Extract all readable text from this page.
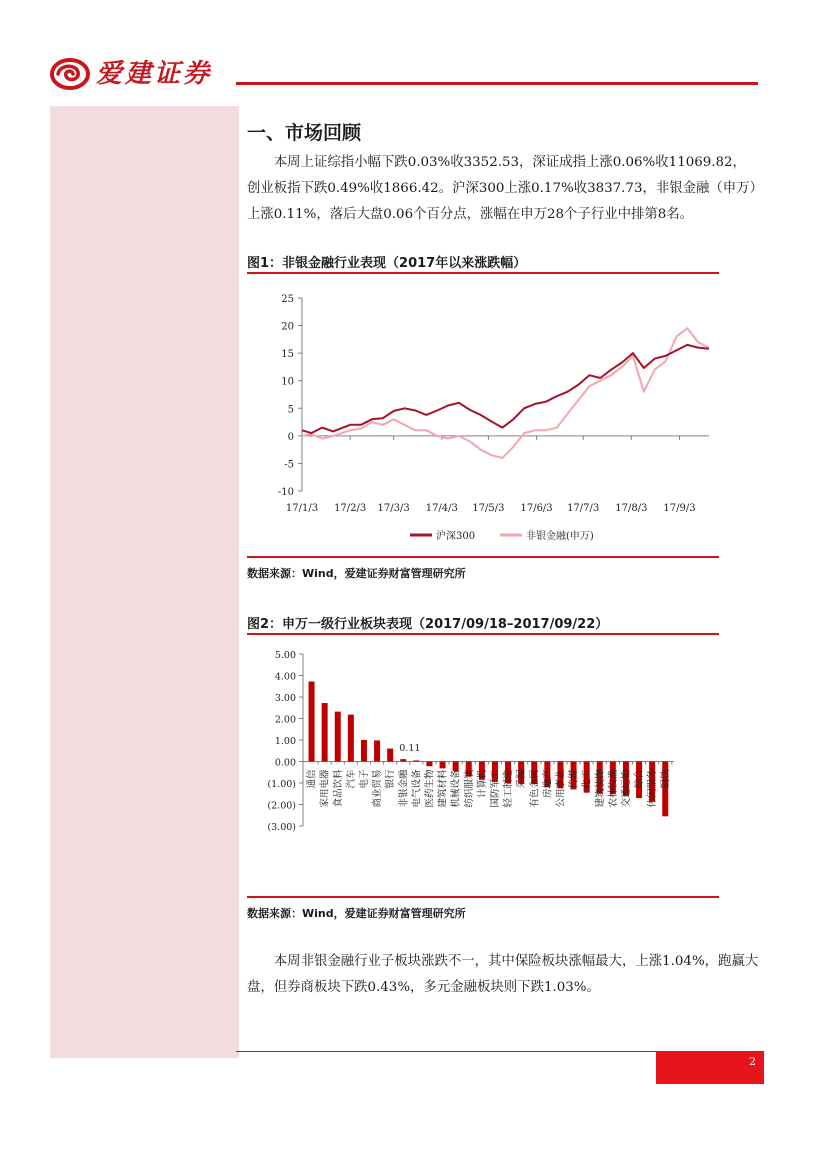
爱建证券
一、市场回顾

本周上证综指小幅下跌0.03%收3352.53，深证成指上涨0.06%收11069.82，创业板指下跌0.49%收1866.42。沪深300上涨0.17%收3837.73，非银金融（申万）上涨0.11%，落后大盘0.06个百分点，涨幅在申万28个子行业中排第8名。

图1：非银金融行业表现（2017年以来涨跌幅）
25
20
15
10
5
0
-5
-10
17/1/3 17/2/3 17/3/3 17/4/3 17/5/3 17/6/3 17/7/3 17/8/3 17/9/3
沪深300	非银金融(申万)
数据来源：Wind，爱建证券财富管理研究所
图2：申万一级行业板块表现（2017/09/18–2017/09/22）
5.00
4.00
3.00
2.00
1.00
0.00
(1.00)
(2.00)
(3.00)
通信 家用电器 食品饮料 汽车 电子 商业贸易 银行 非银金融
0.11
电气设备 医药生物 建筑材料 机械设备 纺织服装 计算机 国防军工 轻工制造 采掘 有色金属 房地产 公用事业 传媒 化工 建筑装饰 农林牧渔 交通运输 综合 休闲服务 钢铁
数据来源：Wind，爱建证券财富管理研究所

本周非银金融行业子板块涨跌不一，其中保险板块涨幅最大，上涨1.04%，跑赢大盘，但券商板块下跌0.43%，多元金融板块则下跌1.03%。

2
